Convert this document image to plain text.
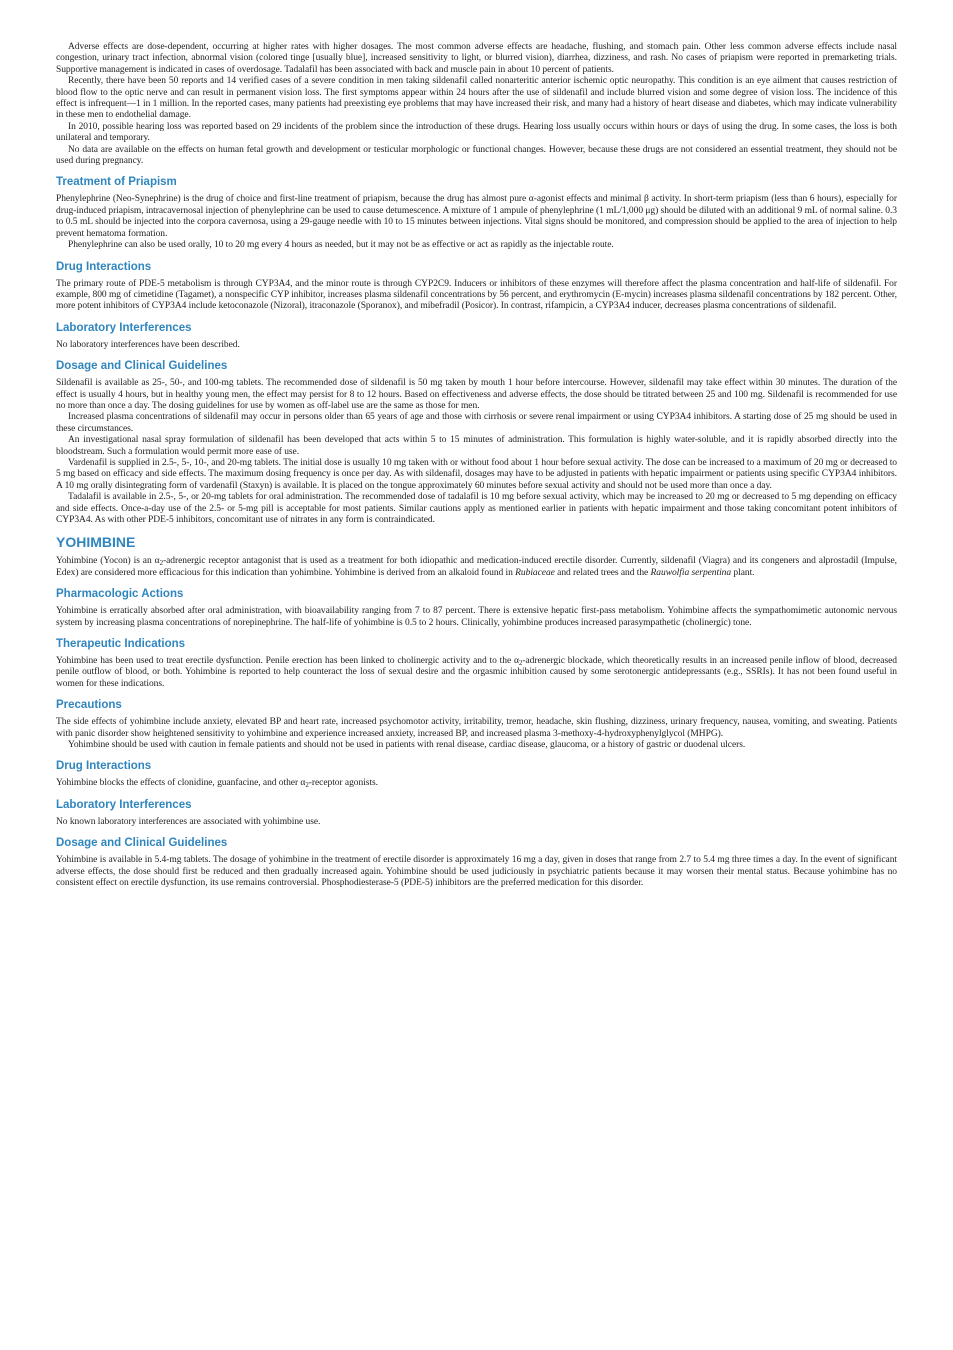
Adverse effects are dose-dependent, occurring at higher rates with higher dosages. The most common adverse effects are headache, flushing, and stomach pain. Other less common adverse effects include nasal congestion, urinary tract infection, abnormal vision (colored tinge [usually blue], increased sensitivity to light, or blurred vision), diarrhea, dizziness, and rash. No cases of priapism were reported in premarketing trials. Supportive management is indicated in cases of overdosage. Tadalafil has been associated with back and muscle pain in about 10 percent of patients.

Recently, there have been 50 reports and 14 verified cases of a severe condition in men taking sildenafil called nonarteritic anterior ischemic optic neuropathy. This condition is an eye ailment that causes restriction of blood flow to the optic nerve and can result in permanent vision loss. The first symptoms appear within 24 hours after the use of sildenafil and include blurred vision and some degree of vision loss. The incidence of this effect is infrequent—1 in 1 million. In the reported cases, many patients had preexisting eye problems that may have increased their risk, and many had a history of heart disease and diabetes, which may indicate vulnerability in these men to endothelial damage.

In 2010, possible hearing loss was reported based on 29 incidents of the problem since the introduction of these drugs. Hearing loss usually occurs within hours or days of using the drug. In some cases, the loss is both unilateral and temporary.

No data are available on the effects on human fetal growth and development or testicular morphologic or functional changes. However, because these drugs are not considered an essential treatment, they should not be used during pregnancy.

Treatment of Priapism

Phenylephrine (Neo-Synephrine) is the drug of choice and first-line treatment of priapism, because the drug has almost pure α-agonist effects and minimal β activity. In short-term priapism (less than 6 hours), especially for drug-induced priapism, intracavernosal injection of phenylephrine can be used to cause detumescence. A mixture of 1 ampule of phenylephrine (1 mL/1,000 μg) should be diluted with an additional 9 mL of normal saline. 0.3 to 0.5 mL should be injected into the corpora cavernosa, using a 29-gauge needle with 10 to 15 minutes between injections. Vital signs should be monitored, and compression should be applied to the area of injection to help prevent hematoma formation.

Phenylephrine can also be used orally, 10 to 20 mg every 4 hours as needed, but it may not be as effective or act as rapidly as the injectable route.

Drug Interactions

The primary route of PDE-5 metabolism is through CYP3A4, and the minor route is through CYP2C9. Inducers or inhibitors of these enzymes will therefore affect the plasma concentration and half-life of sildenafil. For example, 800 mg of cimetidine (Tagamet), a nonspecific CYP inhibitor, increases plasma sildenafil concentrations by 56 percent, and erythromycin (E-mycin) increases plasma sildenafil concentrations by 182 percent. Other, more potent inhibitors of CYP3A4 include ketoconazole (Nizoral), itraconazole (Sporanox), and mibefradil (Posicor). In contrast, rifampicin, a CYP3A4 inducer, decreases plasma concentrations of sildenafil.

Laboratory Interferences

No laboratory interferences have been described.

Dosage and Clinical Guidelines

Sildenafil is available as 25-, 50-, and 100-mg tablets. The recommended dose of sildenafil is 50 mg taken by mouth 1 hour before intercourse. However, sildenafil may take effect within 30 minutes. The duration of the effect is usually 4 hours, but in healthy young men, the effect may persist for 8 to 12 hours. Based on effectiveness and adverse effects, the dose should be titrated between 25 and 100 mg. Sildenafil is recommended for use no more than once a day. The dosing guidelines for use by women as off-label use are the same as those for men.

Increased plasma concentrations of sildenafil may occur in persons older than 65 years of age and those with cirrhosis or severe renal impairment or using CYP3A4 inhibitors. A starting dose of 25 mg should be used in these circumstances.

An investigational nasal spray formulation of sildenafil has been developed that acts within 5 to 15 minutes of administration. This formulation is highly water-soluble, and it is rapidly absorbed directly into the bloodstream. Such a formulation would permit more ease of use.

Vardenafil is supplied in 2.5-, 5-, 10-, and 20-mg tablets. The initial dose is usually 10 mg taken with or without food about 1 hour before sexual activity. The dose can be increased to a maximum of 20 mg or decreased to 5 mg based on efficacy and side effects. The maximum dosing frequency is once per day. As with sildenafil, dosages may have to be adjusted in patients with hepatic impairment or patients using specific CYP3A4 inhibitors. A 10 mg orally disintegrating form of vardenafil (Staxyn) is available. It is placed on the tongue approximately 60 minutes before sexual activity and should not be used more than once a day.

Tadalafil is available in 2.5-, 5-, or 20-mg tablets for oral administration. The recommended dose of tadalafil is 10 mg before sexual activity, which may be increased to 20 mg or decreased to 5 mg depending on efficacy and side effects. Once-a-day use of the 2.5- or 5-mg pill is acceptable for most patients. Similar cautions apply as mentioned earlier in patients with hepatic impairment and those taking concomitant potent inhibitors of CYP3A4. As with other PDE-5 inhibitors, concomitant use of nitrates in any form is contraindicated.

YOHIMBINE

Yohimbine (Yocon) is an $\alpha_2$-adrenergic receptor antagonist that is used as a treatment for both idiopathic and medication-induced erectile disorder. Currently, sildenafil (Viagra) and its congeners and alprostadil (Impulse, Edex) are considered more efficacious for this indication than yohimbine. Yohimbine is derived from an alkaloid found in Rubiaceae and related trees and the Rauwolfia serpentina plant.

Pharmacologic Actions

Yohimbine is erratically absorbed after oral administration, with bioavailability ranging from 7 to 87 percent. There is extensive hepatic first-pass metabolism. Yohimbine affects the sympathomimetic autonomic nervous system by increasing plasma concentrations of norepinephrine. The half-life of yohimbine is 0.5 to 2 hours. Clinically, yohimbine produces increased parasympathetic (cholinergic) tone.

Therapeutic Indications

Yohimbine has been used to treat erectile dysfunction. Penile erection has been linked to cholinergic activity and to the $\alpha_2$-adrenergic blockade, which theoretically results in an increased penile inflow of blood, decreased penile outflow of blood, or both. Yohimbine is reported to help counteract the loss of sexual desire and the orgasmic inhibition caused by some serotonergic antidepressants (e.g., SSRIs). It has not been found useful in women for these indications.

Precautions

The side effects of yohimbine include anxiety, elevated BP and heart rate, increased psychomotor activity, irritability, tremor, headache, skin flushing, dizziness, urinary frequency, nausea, vomiting, and sweating. Patients with panic disorder show heightened sensitivity to yohimbine and experience increased anxiety, increased BP, and increased plasma 3-methoxy-4-hydroxyphenylglycol (MHPG).

Yohimbine should be used with caution in female patients and should not be used in patients with renal disease, cardiac disease, glaucoma, or a history of gastric or duodenal ulcers.

Drug Interactions

Yohimbine blocks the effects of clonidine, guanfacine, and other $\alpha_2$-receptor agonists.

Laboratory Interferences

No known laboratory interferences are associated with yohimbine use.

Dosage and Clinical Guidelines

Yohimbine is available in 5.4-mg tablets. The dosage of yohimbine in the treatment of erectile disorder is approximately 16 mg a day, given in doses that range from 2.7 to 5.4 mg three times a day. In the event of significant adverse effects, the dose should first be reduced and then gradually increased again. Yohimbine should be used judiciously in psychiatric patients because it may worsen their mental status. Because yohimbine has no consistent effect on erectile dysfunction, its use remains controversial. Phosphodiesterase-5 (PDE-5) inhibitors are the preferred medication for this disorder.
